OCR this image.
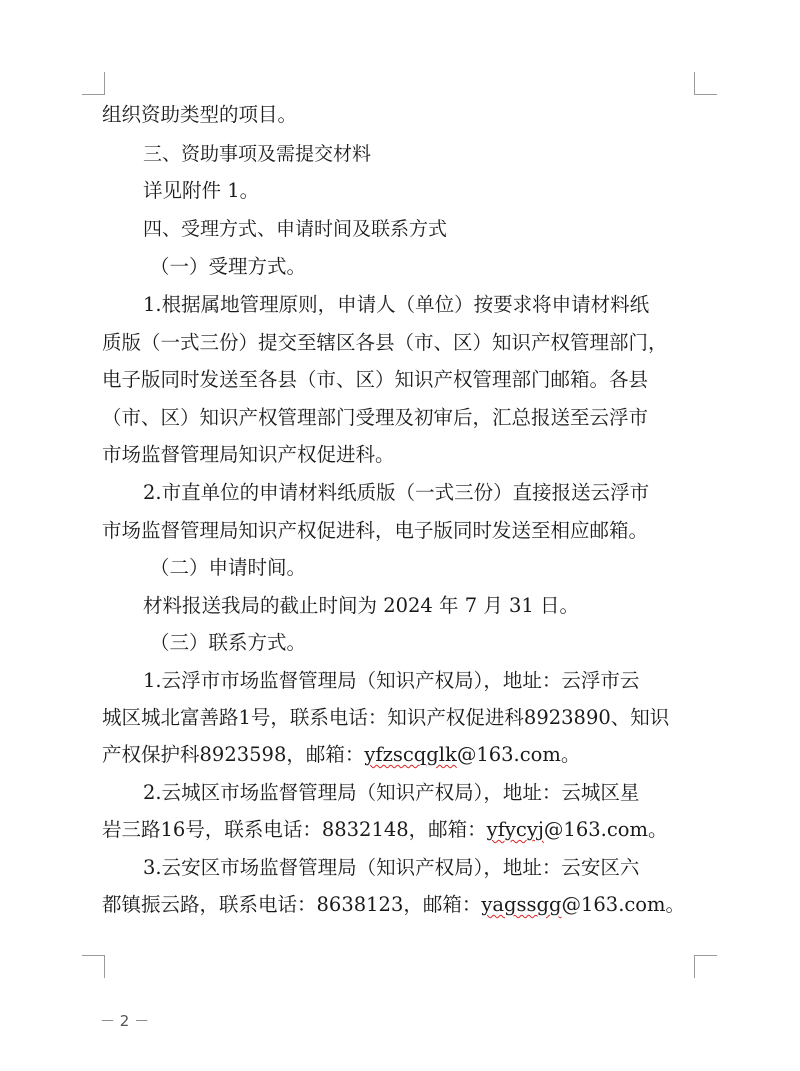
组织资助类型的项目。
三、资助事项及需提交材料
详见附件 1。
四、受理方式、申请时间及联系方式
（一）受理方式。
1.根据属地管理原则，申请人（单位）按要求将申请材料纸
质版（一式三份）提交至辖区各县（市、区）知识产权管理部门，
电子版同时发送至各县（市、区）知识产权管理部门邮箱。各县
（市、区）知识产权管理部门受理及初审后，汇总报送至云浮市
市场监督管理局知识产权促进科。
2.市直单位的申请材料纸质版（一式三份）直接报送云浮市
市场监督管理局知识产权促进科，电子版同时发送至相应邮箱。
（二）申请时间。
材料报送我局的截止时间为 2024 年 7 月 31 日。
（三）联系方式。
1.云浮市市场监督管理局（知识产权局），地址：云浮市云
城区城北富善路1号，联系电话：知识产权促进科8923890、知识
产权保护科8923598，邮箱：yfzscqglk@163.com。
2.云城区市场监督管理局（知识产权局），地址：云城区星
岩三路16号，联系电话：8832148，邮箱：yfycyj@163.com。
3.云安区市场监督管理局（知识产权局），地址：云安区六
都镇振云路，联系电话：8638123，邮箱：yagssgg@163.com。
－ 2 －
